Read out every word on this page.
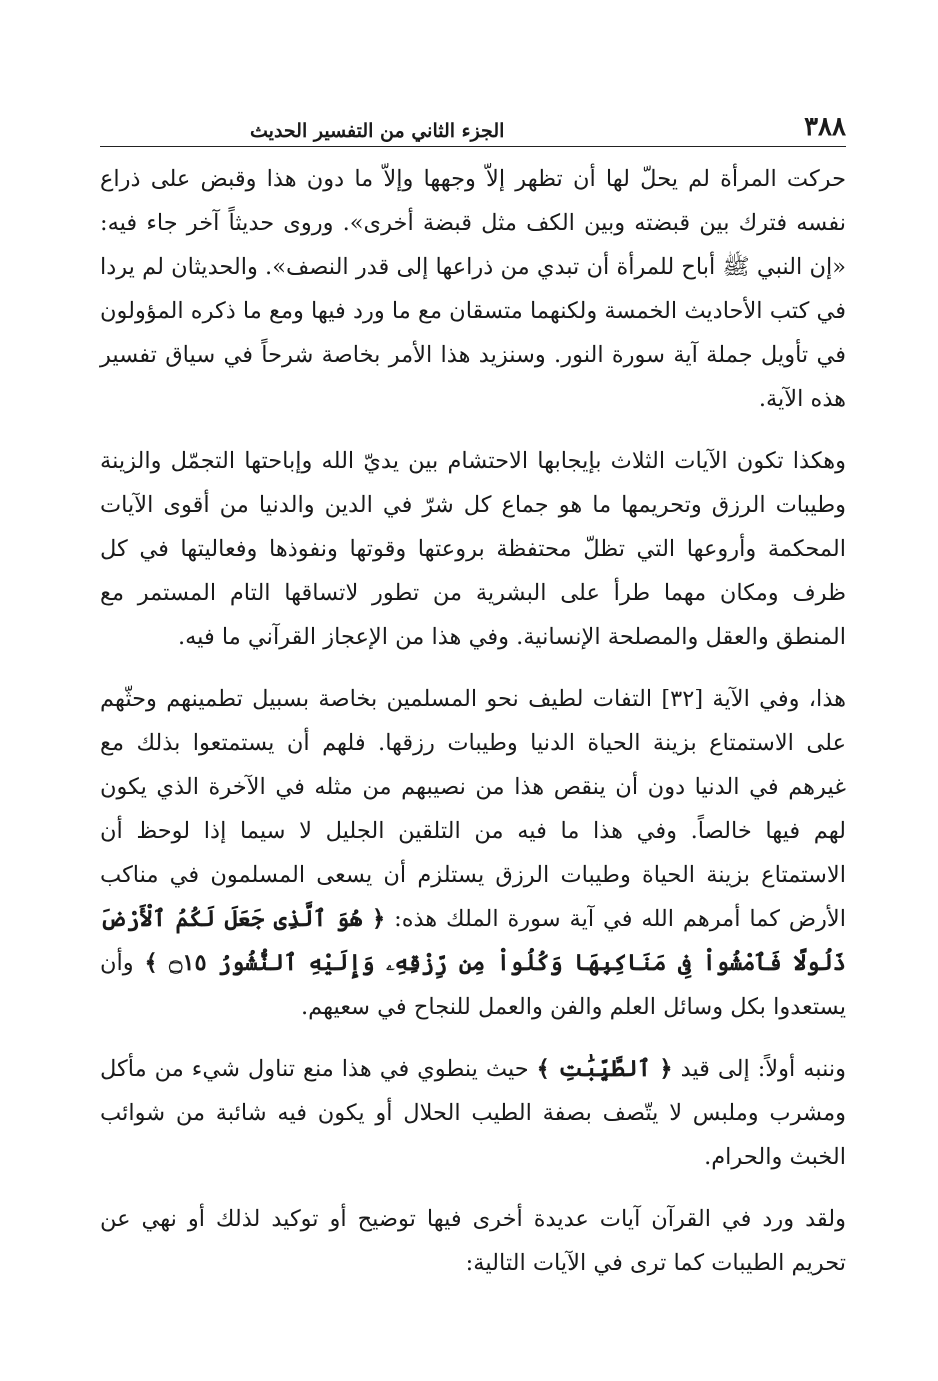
٣٨٨
الجزء الثاني من التفسير الحديث

حركت المرأة لم يحلّ لها أن تظهر إلاّ وجهها وإلاّ ما دون هذا وقبض على ذراع نفسه فترك بين قبضته وبين الكف مثل قبضة أخرى». وروى حديثاً آخر جاء فيه: «إن النبي ﷺ أباح للمرأة أن تبدي من ذراعها إلى قدر النصف». والحديثان لم يردا في كتب الأحاديث الخمسة ولكنهما متسقان مع ما ورد فيها ومع ما ذكره المؤولون في تأويل جملة آية سورة النور. وسنزيد هذا الأمر بخاصة شرحاً في سياق تفسير هذه الآية.

وهكذا تكون الآيات الثلاث بإيجابها الاحتشام بين يديّ الله وإباحتها التجمّل والزينة وطيبات الرزق وتحريمها ما هو جماع كل شرّ في الدين والدنيا من أقوى الآيات المحكمة وأروعها التي تظلّ محتفظة بروعتها وقوتها ونفوذها وفعاليتها في كل ظرف ومكان مهما طرأ على البشرية من تطور لاتساقها التام المستمر مع المنطق والعقل والمصلحة الإنسانية. وفي هذا من الإعجاز القرآني ما فيه.

هذا، وفي الآية [٣٢] التفات لطيف نحو المسلمين بخاصة بسبيل تطمينهم وحثّهم على الاستمتاع بزينة الحياة الدنيا وطيبات رزقها. فلهم أن يستمتعوا بذلك مع غيرهم في الدنيا دون أن ينقص هذا من نصيبهم من مثله في الآخرة الذي يكون لهم فيها خالصاً. وفي هذا ما فيه من التلقين الجليل لا سيما إذا لوحظ أن الاستمتاع بزينة الحياة وطيبات الرزق يستلزم أن يسعى المسلمون في مناكب الأرض كما أمرهم الله في آية سورة الملك هذه: ﴿ هُوَ ٱلَّذِى جَعَلَ لَكُمُ ٱلْأَرْضَ ذَلُولًا فَٱمْشُواْ فِى مَنَاكِبِهَا وَكُلُواْ مِن رِّزْقِهِۦ وَإِلَيْهِ ٱلنُّشُورُ ۝١٥ ﴾ وأن يستعدوا بكل وسائل العلم والفن والعمل للنجاح في سعيهم.

وننبه أولاً: إلى قيد ﴿ ٱلطَّيِّبَٰتِ ﴾ حيث ينطوي في هذا منع تناول شيء من مأكل ومشرب وملبس لا يتّصف بصفة الطيب الحلال أو يكون فيه شائبة من شوائب الخبث والحرام.

ولقد ورد في القرآن آيات عديدة أخرى فيها توضيح أو توكيد لذلك أو نهي عن تحريم الطيبات كما ترى في الآيات التالية:
